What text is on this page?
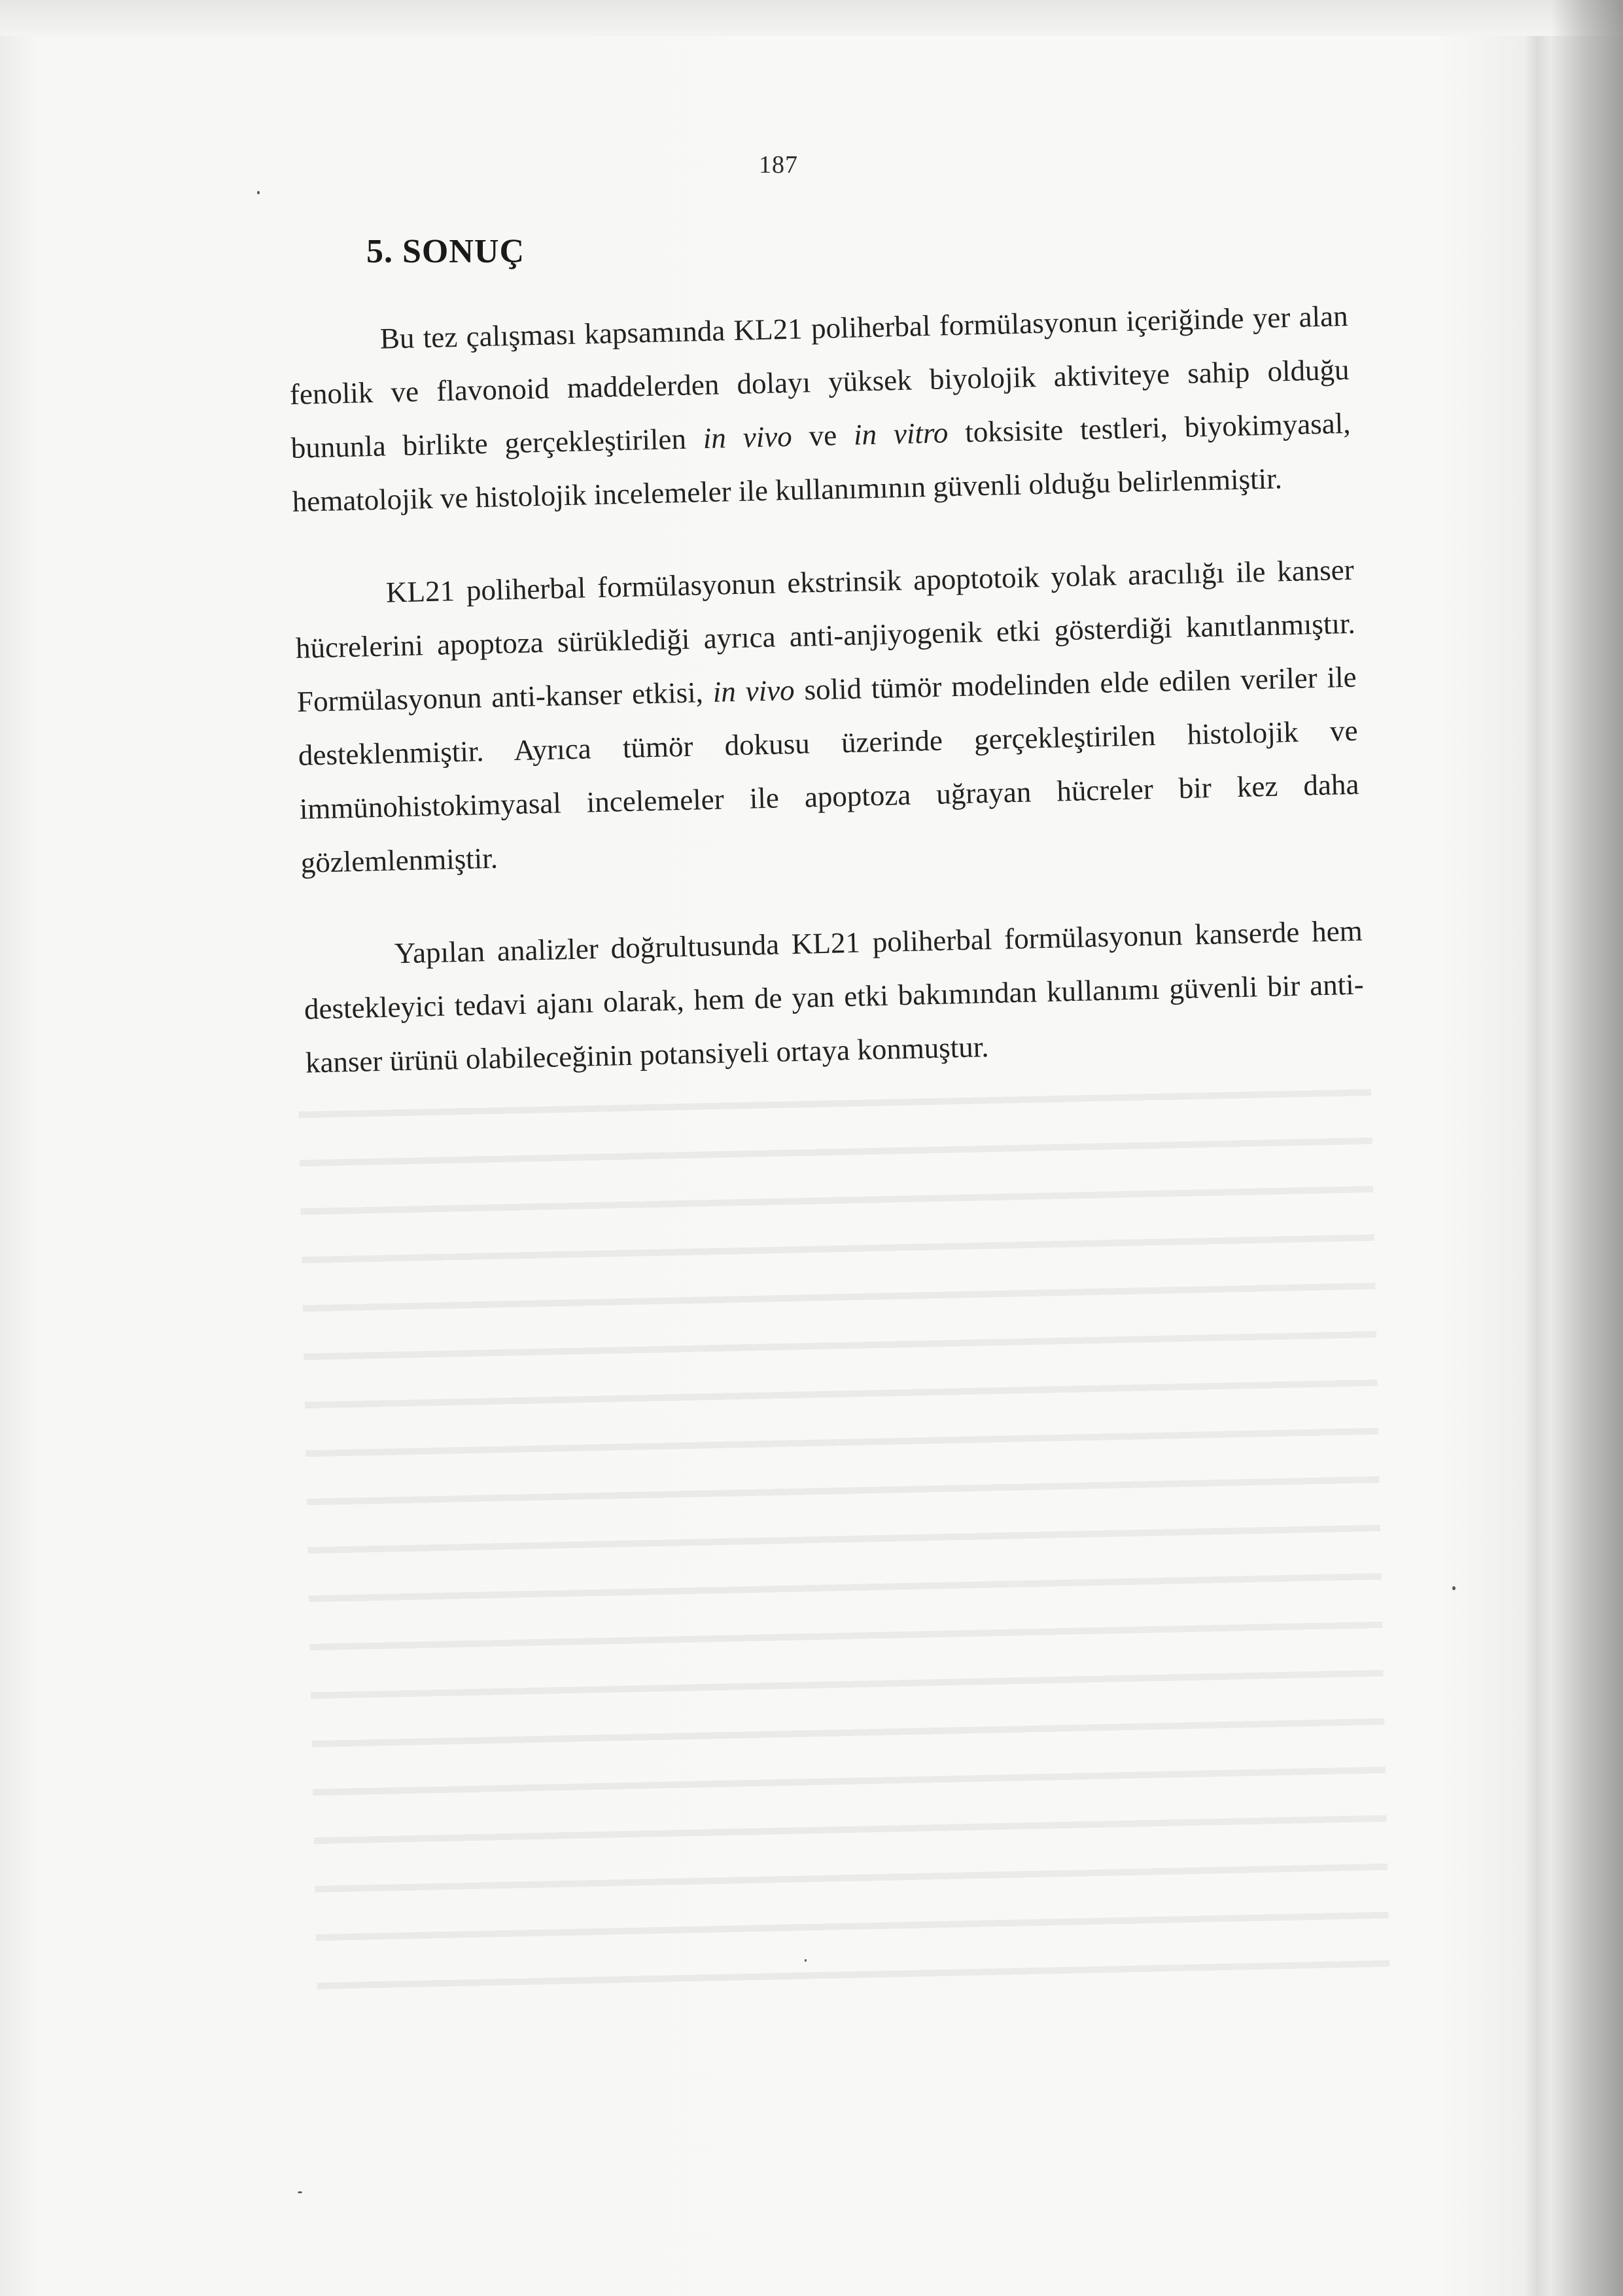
187
5. SONUÇ

Bu tez çalışması kapsamında KL21 poliherbal formülasyonun içeriğinde yer alan fenolik ve flavonoid maddelerden dolayı yüksek biyolojik aktiviteye sahip olduğu bununla birlikte gerçekleştirilen in vivo ve in vitro toksisite testleri, biyokimyasal, hematolojik ve histolojik incelemeler ile kullanımının güvenli olduğu belirlenmiştir.

KL21 poliherbal formülasyonun ekstrinsik apoptotoik yolak aracılığı ile kanser hücrelerini apoptoza sürüklediği ayrıca anti-anjiyogenik etki gösterdiği kanıtlanmıştır. Formülasyonun anti-kanser etkisi, in vivo solid tümör modelinden elde edilen veriler ile desteklenmiştir. Ayrıca tümör dokusu üzerinde gerçekleştirilen histolojik ve immünohistokimyasal incelemeler ile apoptoza uğrayan hücreler bir kez daha gözlemlenmiştir.

Yapılan analizler doğrultusunda KL21 poliherbal formülasyonun kanserde hem destekleyici tedavi ajanı olarak, hem de yan etki bakımından kullanımı güvenli bir anti-kanser ürünü olabileceğinin potansiyeli ortaya konmuştur.
